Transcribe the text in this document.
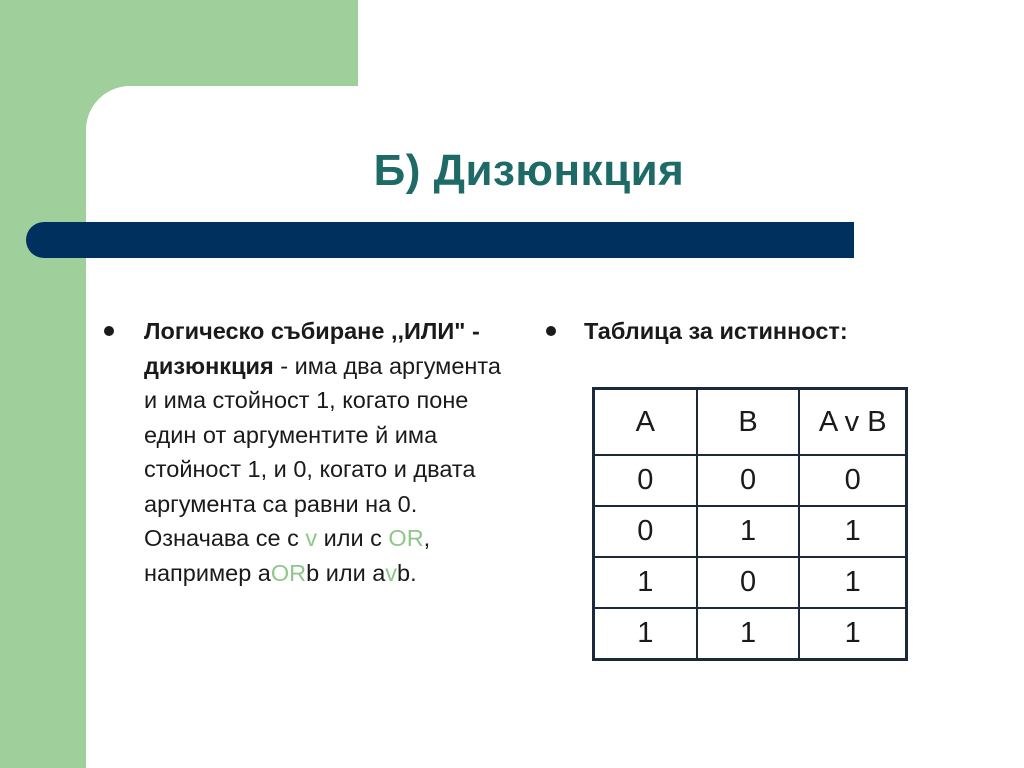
Б) Дизюнкция
Логическо събиране ,,ИЛИ" - дизюнкция - има два аргумента и има стойност 1, когато поне един от аргументите й има стойност 1, и 0, когато и двата аргумента са равни на 0.
Означава се с v или с OR,
например аORb или аvb.
Таблица за истинност:
A	B	A v B
0	0	0
0	1	1
1	0	1
1	1	1
